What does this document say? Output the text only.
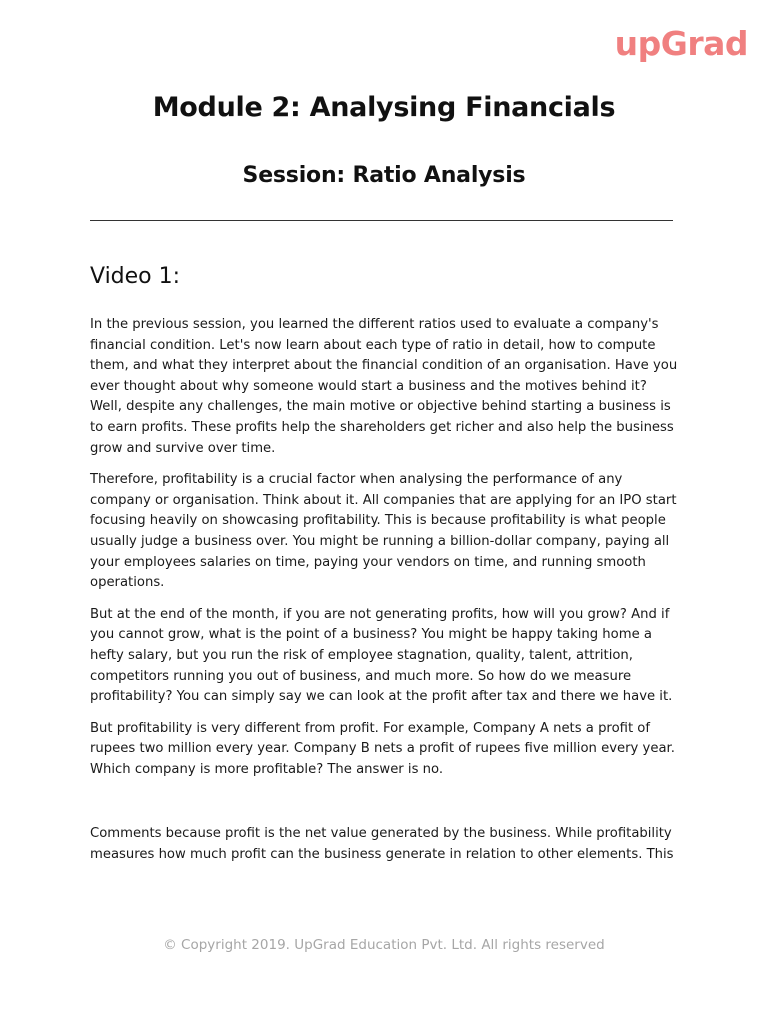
upGrad
Module 2: Analysing Financials
Session: Ratio Analysis
Video 1:

In the previous session, you learned the different ratios used to evaluate a company's financial condition. Let's now learn about each type of ratio in detail, how to compute them, and what they interpret about the financial condition of an organisation. Have you ever thought about why someone would start a business and the motives behind it? Well, despite any challenges, the main motive or objective behind starting a business is to earn profits. These profits help the shareholders get richer and also help the business grow and survive over time.

Therefore, profitability is a crucial factor when analysing the performance of any company or organisation. Think about it. All companies that are applying for an IPO start focusing heavily on showcasing profitability. This is because profitability is what people usually judge a business over. You might be running a billion-dollar company, paying all your employees salaries on time, paying your vendors on time, and running smooth operations.

But at the end of the month, if you are not generating profits, how will you grow? And if you cannot grow, what is the point of a business? You might be happy taking home a hefty salary, but you run the risk of employee stagnation, quality, talent, attrition, competitors running you out of business, and much more. So how do we measure profitability? You can simply say we can look at the profit after tax and there we have it.

But profitability is very different from profit. For example, Company A nets a profit of rupees two million every year. Company B nets a profit of rupees five million every year. Which company is more profitable? The answer is no.

Comments because profit is the net value generated by the business. While profitability measures how much profit can the business generate in relation to other elements. This

© Copyright 2019. UpGrad Education Pvt. Ltd. All rights reserved
